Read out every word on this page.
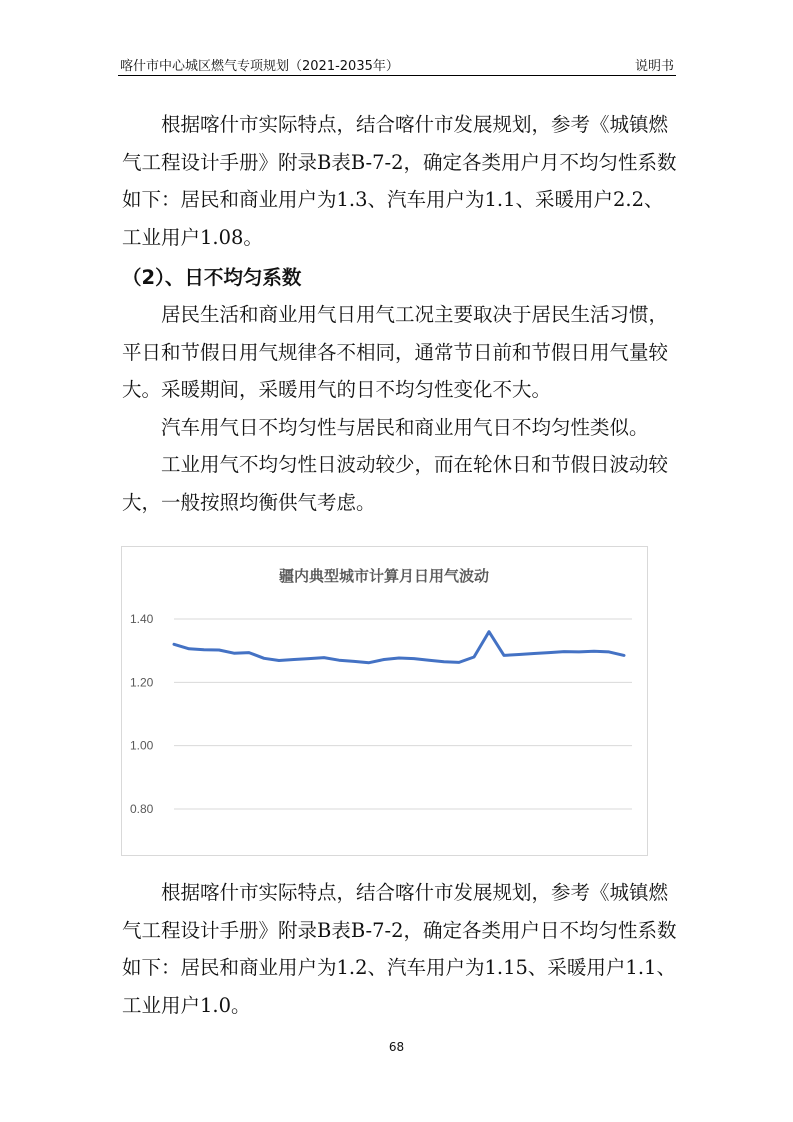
喀什市中心城区燃气专项规划（2021-2035年）	说明书

根据喀什市实际特点，结合喀什市发展规划，参考《城镇燃气工程设计手册》附录B表B-7-2，确定各类用户月不均匀性系数如下：居民和商业用户为1.3、汽车用户为1.1、采暖用户2.2、工业用户1.08。

（2）、日不均匀系数

居民生活和商业用气日用气工况主要取决于居民生活习惯，平日和节假日用气规律各不相同，通常节日前和节假日用气量较大。 采暖期间，采暖用气的日不均匀性变化不大。

汽车用气日不均匀性与居民和商业用气日不均匀性类似。

工业用气不均匀性日波动较少，而在轮休日和节假日波动较大，一般按照均衡供气考虑。

疆内典型城市计算月日用气波动
0.80
1.00
1.20
1.40

根据喀什市实际特点，结合喀什市发展规划，参考《城镇燃气工程设计手册》附录B表B-7-2，确定各类用户日不均匀性系数如下：居民和商业用户为1.2、汽车用户为1.15、采暖用户1.1、工业用户1.0。

68
